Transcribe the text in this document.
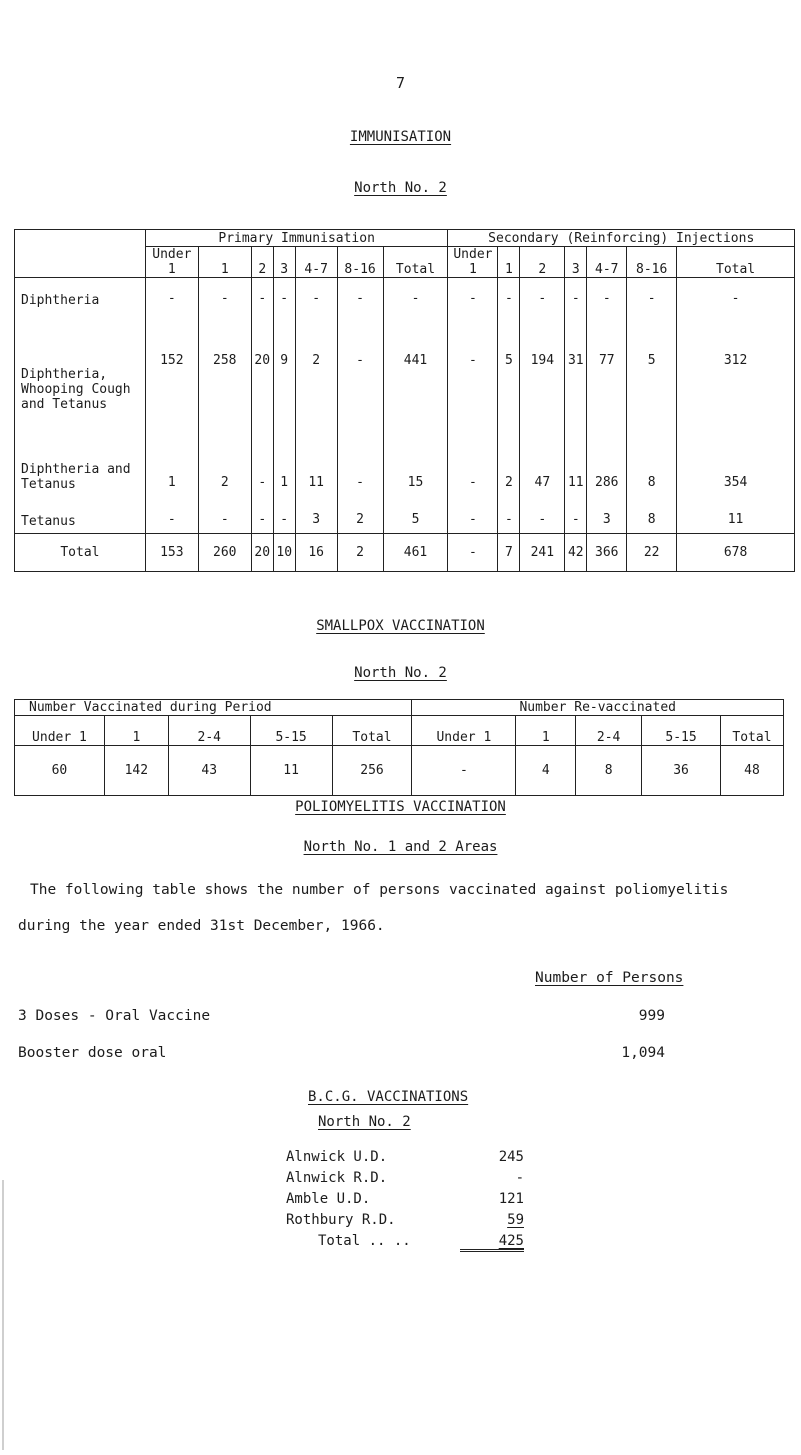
7
IMMUNISATION
North No. 2
	Primary Immunisation							Secondary (Reinforcing) Injections						
	Under 1	1	2	3	4-7	8-16	Total	Under 1	1	2	3	4-7	8-16	Total
Diphtheria	-	-	-	-	-	-	-	-	-	-	-	-	-	-
Diphtheria, Whooping Cough and Tetanus	152	258	20	9	2	-	441	-	5	194	31	77	5	312
Diphtheria and Tetanus	1	2	-	1	11	-	15	-	2	47	11	286	8	354
Tetanus	-	-	-	-	3	2	5	-	-	-	-	3	8	11
Total	153	260	20	10	16	2	461	-	7	241	42	366	22	678
SMALLPOX VACCINATION
North No. 2
Number Vaccinated during Period					Number Re-vaccinated				
Under 1	1	2-4	5-15	Total	Under 1	1	2-4	5-15	Total
60	142	43	11	256	-	4	8	36	48
POLIOMYELITIS VACCINATION
North No. 1 and 2 Areas
The following table shows the number of persons vaccinated against poliomyelitis during the year ended 31st December, 1966.
Number of Persons
3 Doses - Oral Vaccine	999
Booster dose oral	1,094
B.C.G. VACCINATIONS
North No. 2
Alnwick U.D.	245
Alnwick R.D.	-
Amble U.D.	121
Rothbury R.D.	59
Total .. ..	425
